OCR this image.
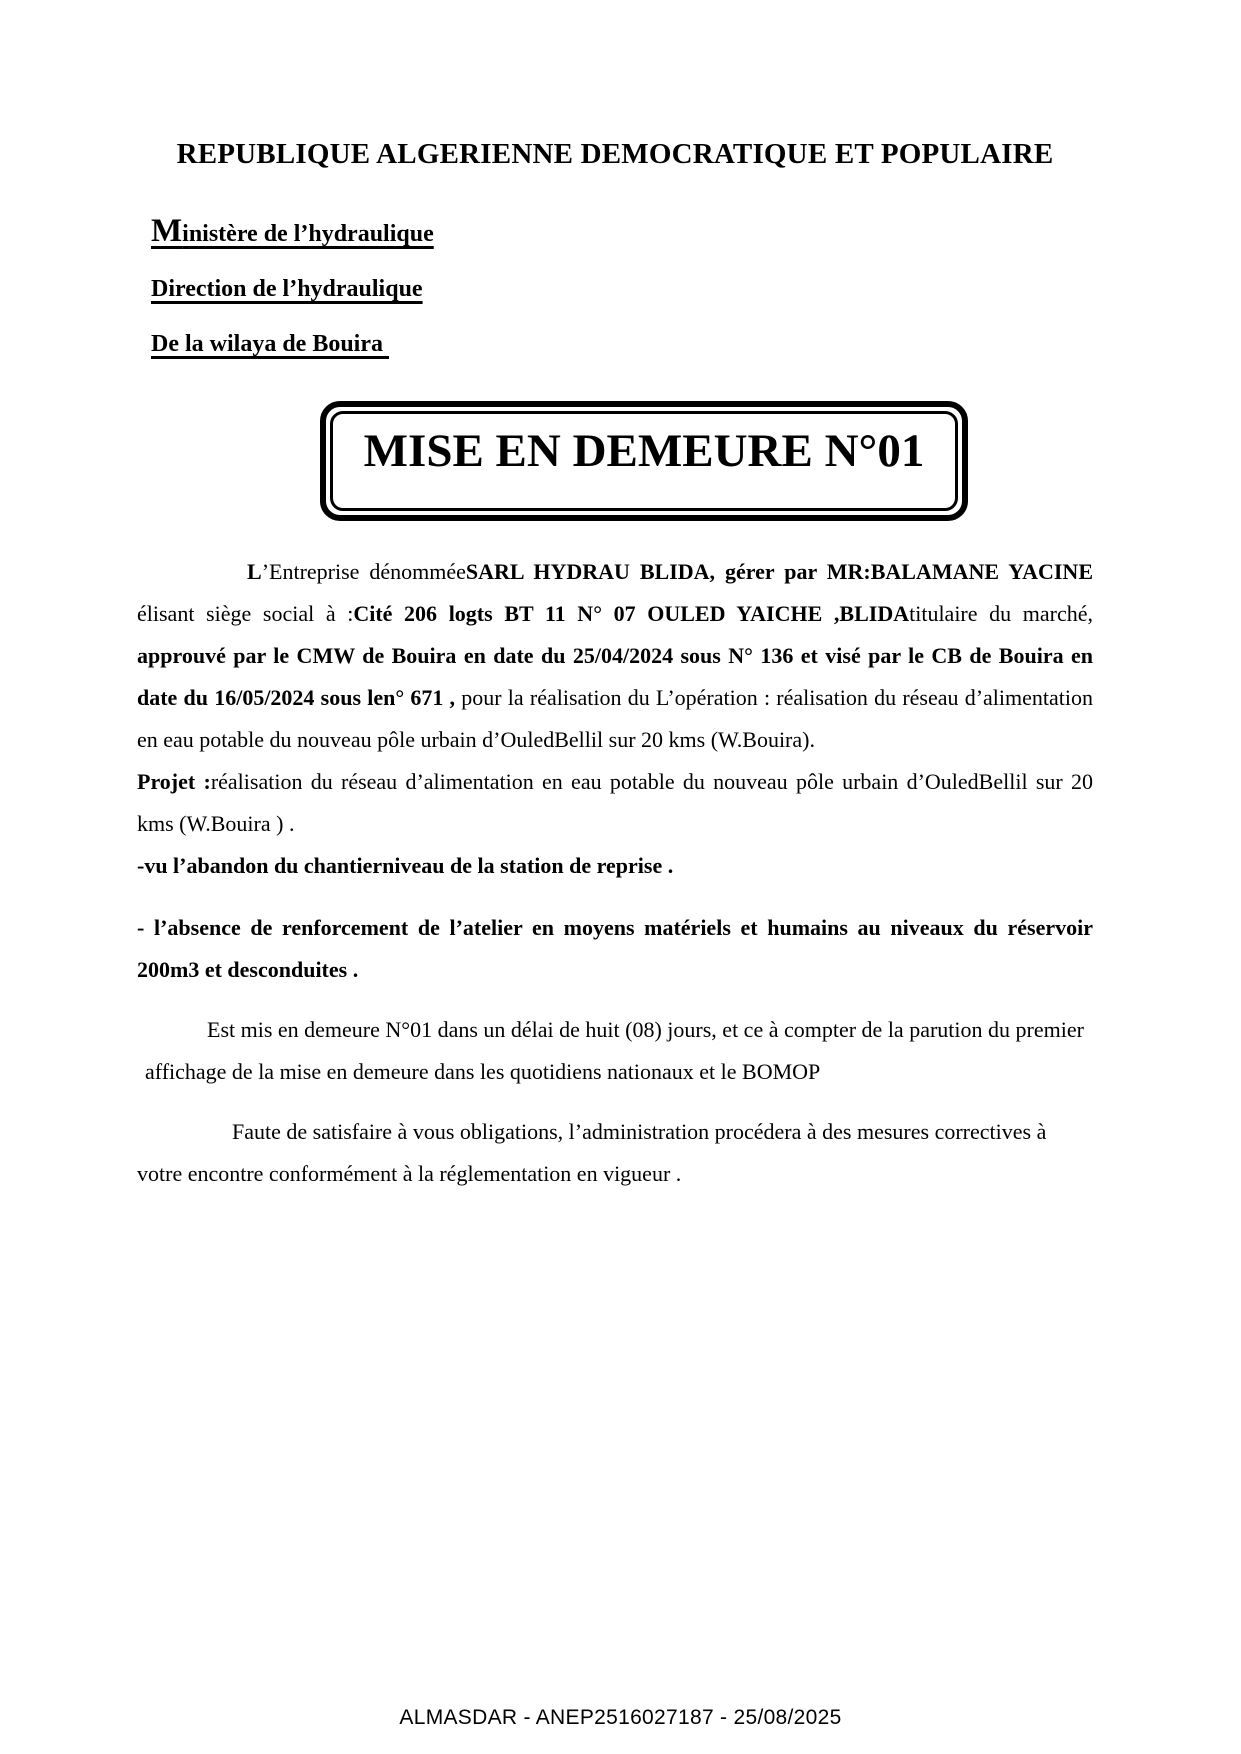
REPUBLIQUE ALGERIENNE DEMOCRATIQUE ET POPULAIRE
Ministère de l’hydraulique
Direction de l’hydraulique
De la wilaya de Bouira
MISE EN DEMEURE N°01

L’Entreprise dénomméeSARL HYDRAU BLIDA, gérer par MR:BALAMANE YACINE élisant siège social à :Cité 206 logts BT 11 N° 07 OULED YAICHE ,BLIDAtitulaire du marché, approuvé par le CMW de Bouira en date du 25/04/2024 sous N° 136 et visé par le CB de Bouira en date du 16/05/2024 sous len° 671 , pour la réalisation du L’opération : réalisation du réseau d’alimentation en eau potable du nouveau pôle urbain d’OuledBellil sur 20 kms (W.Bouira).

Projet :réalisation du réseau d’alimentation en eau potable du nouveau pôle urbain d’OuledBellil sur 20 kms (W.Bouira ) .

-vu l’abandon du chantierniveau de la station de reprise .

- l’absence de renforcement de l’atelier en moyens matériels et humains au niveaux du réservoir 200m3 et desconduites .

Est mis en demeure N°01 dans un délai de huit (08) jours, et ce à compter de la parution du premier affichage de la mise en demeure dans les quotidiens nationaux et le BOMOP

Faute de satisfaire à vous obligations, l’administration procédera à des mesures correctives à votre encontre conformément à la réglementation en vigueur .

ALMASDAR - ANEP2516027187 - 25/08/2025
